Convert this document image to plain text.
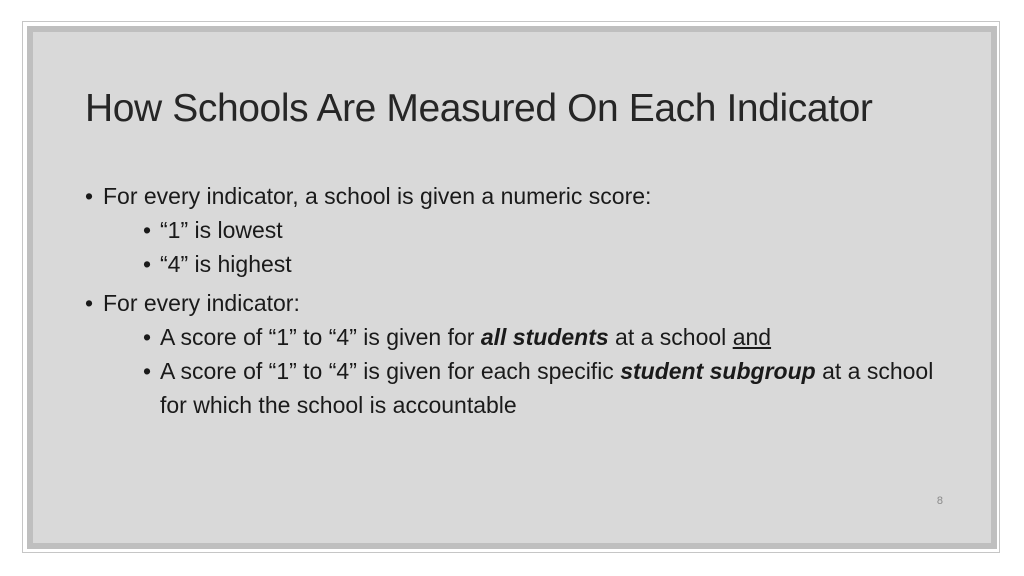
How Schools Are Measured On Each Indicator
• For every indicator, a school is given a numeric score:
• “1” is lowest
• “4” is highest
• For every indicator:
• A score of “1” to “4” is given for all students at a school and
• A score of “1” to “4” is given for each specific student subgroup at a school for which the school is accountable
8
